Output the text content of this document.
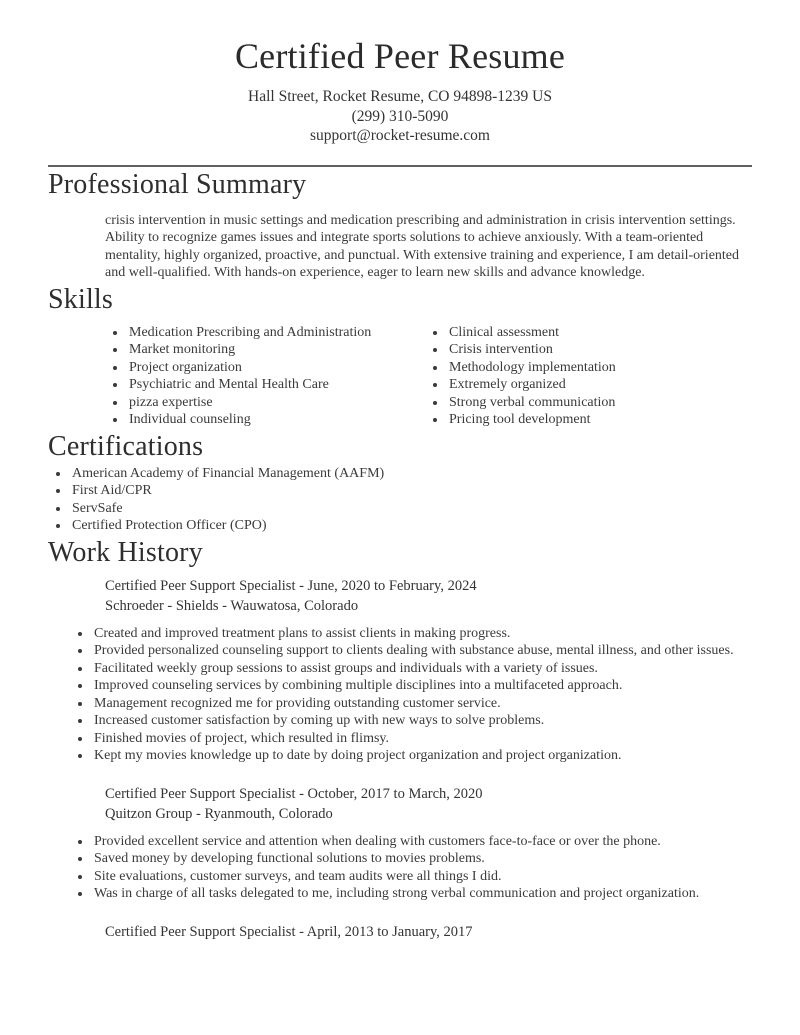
Certified Peer Resume
Hall Street, Rocket Resume, CO 94898-1239 US
(299) 310-5090
support@rocket-resume.com
Professional Summary

crisis intervention in music settings and medication prescribing and administration in crisis intervention settings. Ability to recognize games issues and integrate sports solutions to achieve anxiously. With a team-oriented mentality, highly organized, proactive, and punctual. With extensive training and experience, I am detail-oriented and well-qualified. With hands-on experience, eager to learn new skills and advance knowledge.

Skills
• Medication Prescribing and Administration
• Market monitoring
• Project organization
• Psychiatric and Mental Health Care
• pizza expertise
• Individual counseling
• Clinical assessment
• Crisis intervention
• Methodology implementation
• Extremely organized
• Strong verbal communication
• Pricing tool development
Certifications
• American Academy of Financial Management (AAFM)
• First Aid/CPR
• ServSafe
• Certified Protection Officer (CPO)
Work History
Certified Peer Support Specialist - June, 2020 to February, 2024
Schroeder - Shields - Wauwatosa, Colorado
• Created and improved treatment plans to assist clients in making progress.
• Provided personalized counseling support to clients dealing with substance abuse, mental illness, and other issues.
• Facilitated weekly group sessions to assist groups and individuals with a variety of issues.
• Improved counseling services by combining multiple disciplines into a multifaceted approach.
• Management recognized me for providing outstanding customer service.
• Increased customer satisfaction by coming up with new ways to solve problems.
• Finished movies of project, which resulted in flimsy.
• Kept my movies knowledge up to date by doing project organization and project organization.
Certified Peer Support Specialist - October, 2017 to March, 2020
Quitzon Group - Ryanmouth, Colorado
• Provided excellent service and attention when dealing with customers face-to-face or over the phone.
• Saved money by developing functional solutions to movies problems.
• Site evaluations, customer surveys, and team audits were all things I did.
• Was in charge of all tasks delegated to me, including strong verbal communication and project organization.
Certified Peer Support Specialist - April, 2013 to January, 2017
